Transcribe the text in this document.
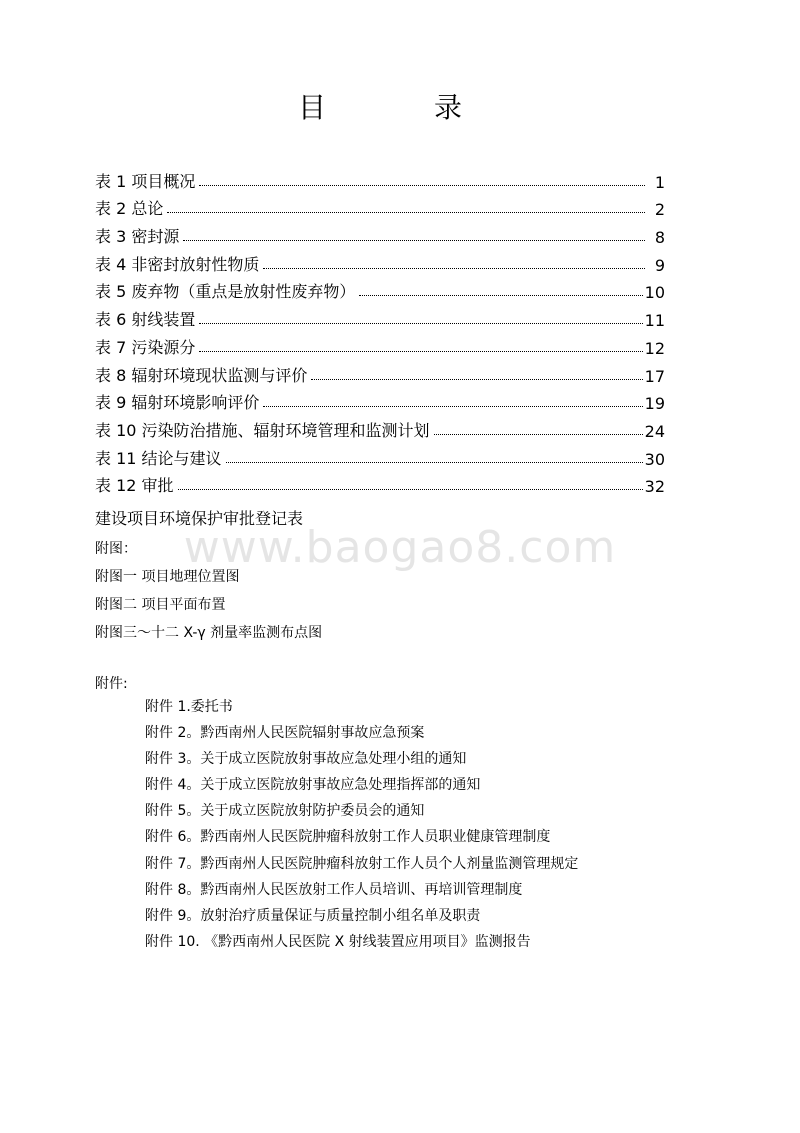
www.baogao8.com
目　录
表 1 项目概况	1
表 2 总论	2
表 3 密封源	8
表 4 非密封放射性物质	9
表 5 废弃物（重点是放射性废弃物）	10
表 6 射线装置	11
表 7 污染源分	12
表 8 辐射环境现状监测与评价	17
表 9 辐射环境影响评价	19
表 10 污染防治措施、辐射环境管理和监测计划	24
表 11 结论与建议	30
表 12 审批	32
建设项目环境保护审批登记表
附图：
附图一 项目地理位置图
附图二 项目平面布置
附图三～十二 X-γ 剂量率监测布点图
附件:
附件 1.委托书
附件 2。黔西南州人民医院辐射事故应急预案
附件 3。关于成立医院放射事故应急处理小组的通知
附件 4。关于成立医院放射事故应急处理指挥部的通知
附件 5。关于成立医院放射防护委员会的通知
附件 6。黔西南州人民医院肿瘤科放射工作人员职业健康管理制度
附件 7。黔西南州人民医院肿瘤科放射工作人员个人剂量监测管理规定
附件 8。黔西南州人民医放射工作人员培训、再培训管理制度
附件 9。放射治疗质量保证与质量控制小组名单及职责
附件 10. 《黔西南州人民医院 X 射线装置应用项目》监测报告
